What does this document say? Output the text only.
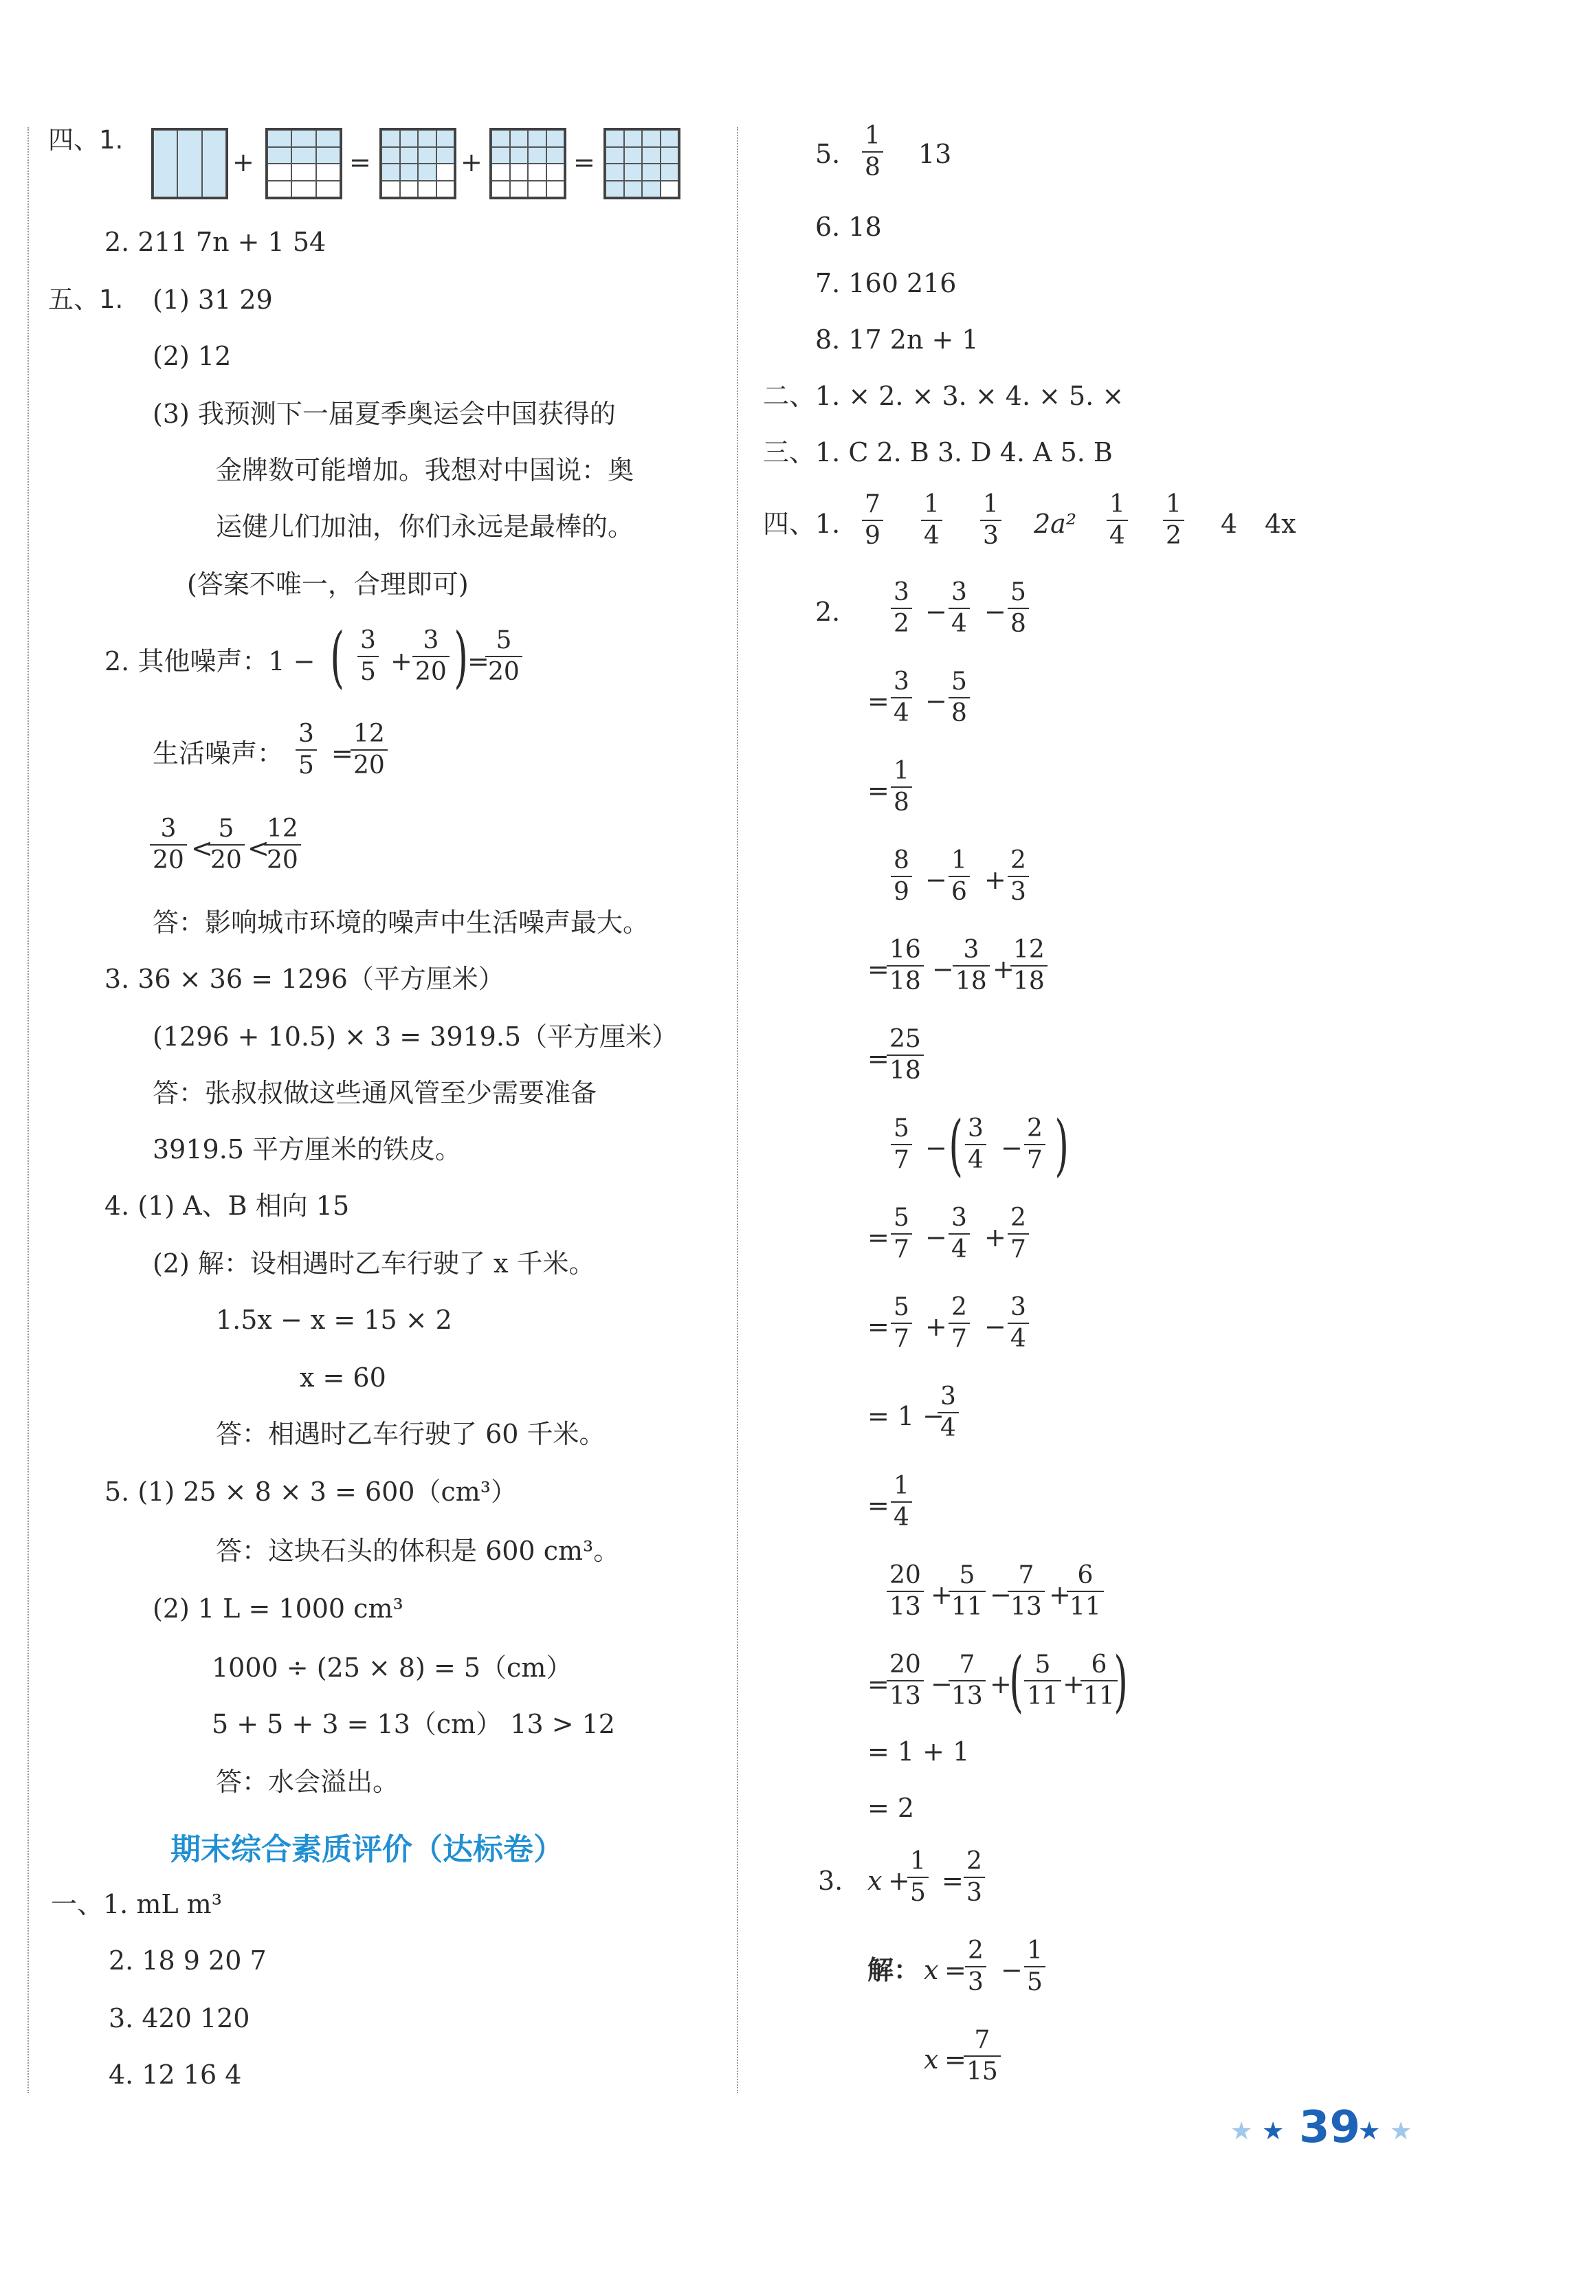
四、1.
+	=	+	=
2. 211 7n + 1 54
五、1. (1) 31 29
(2) 12
(3) 我预测下一届夏季奥运会中国获得的
金牌数可能增加。我想对中国说：奥
运健儿们加油，你们永远是最棒的。
(答案不唯一，合理即可)
2. 其他噪声：1 − ( $\frac{3}{5} + \frac{3}{20}$ )
=
$\frac{5}{20}$
生活噪声： $\frac{3}{5}$ =
$\frac{12}{20}$
$\frac{3}{20}$ <
$\frac{5}{20}$ <
$\frac{12}{20}$
答：影响城市环境的噪声中生活噪声最大。
3. 36 × 36 = 1296（平方厘米）
(1296 + 10.5) × 3 = 3919.5（平方厘米）
答：张叔叔做这些通风管至少需要准备
3919.5 平方厘米的铁皮。
4. (1) A、B 相向 15
(2) 解：设相遇时乙车行驶了 x 千米。
1.5x − x = 15 × 2
x = 60
答：相遇时乙车行驶了 60 千米。
5. (1) 25 × 8 × 3 = 600（cm³）
答：这块石头的体积是 600 cm³。
(2) 1 L = 1000 cm³
1000 ÷ (25 × 8) = 5（cm）
5 + 5 + 3 = 13（cm） 13 > 12
答：水会溢出。
期末综合素质评价（达标卷）
一、1. mL m³
2. 18 9 20 7
3. 420 120
4. 12 16 4
5. $\frac{1}{8} 13$
6. 18
7. 160 216
8. 17 2n + 1
二、1. × 2. × 3. × 4. × 5. ×
三、1. C 2. B 3. D 4. A 5. B
四、1. $\frac{7}{9} \frac{1}{4} \frac{1}{3} 2a^2 \frac{1}{4} \frac{1}{2} 4$ 4x
2. $\frac{3}{2} - \frac{3}{4} - \frac{5}{8}$
= $\frac{3}{4} - \frac{5}{8}$
= $\frac{1}{8}$
$\frac{8}{9} - \frac{1}{6} + \frac{2}{3}$
=
$\frac{16}{18}$ −
$\frac{3}{18}$ +
$\frac{12}{18}$
=
$\frac{25}{18}$
$\frac{5}{7}$ − ( $\frac{3}{4} - \frac{2}{7}$ )
= $\frac{5}{7} - \frac{3}{4} + \frac{2}{7}$
= $\frac{5}{7} + \frac{2}{7} - \frac{3}{4}$
= 1 −
$\frac{3}{4}$
= $\frac{1}{4}$
$\frac{20}{13}$ +
$\frac{5}{11}$ −
$\frac{7}{13}$ +
$\frac{6}{11}$
=
$\frac{20}{13}$ −
$\frac{7}{13}$ +
( $\frac{5}{11}$ +
$\frac{6}{11}$
)
= 1 + 1
= 2
3. x +
$\frac{1}{5} = \frac{2}{3}$
解： x =
$\frac{2}{3} - \frac{1}{5}$
x =
$\frac{7}{15}$
★ ★ 39
★ ★
